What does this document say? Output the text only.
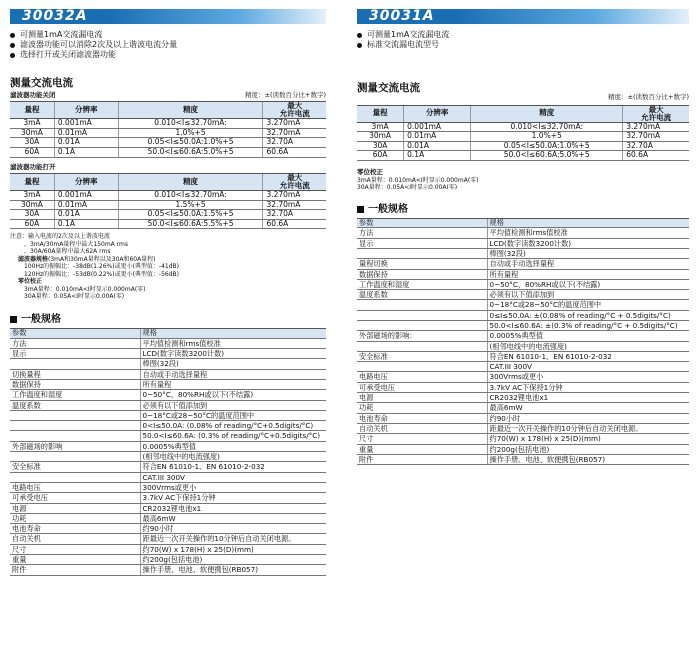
30032A
可测量1mA交流漏电流
滤波器功能可以消除2次及以上谐波电流分量
选择打开或关闭滤波器功能
测量交流电流
滤波器功能关闭	精度：±(读数百分比+数字)
量程	分辨率	精度	最大
允许电流
3mA	0.001mA	0.010<I≤32.70mA:	3.270mA
30mA	0.01mA	1.0%+5	32.70mA
30A	0.01A	0.05<I≤50.0A:1.0%+5	32.70A
60A	0.1A	50.0<I≤60.6A:5.0%+5	60.6A
滤波器功能打开
量程	分辨率	精度	最大
允许电流
3mA	0.001mA	0.010<I≤32.70mA:	3.270mA
30mA	0.01mA	1.5%+5	32.70mA
30A	0.01A	0.05<I≤50.0A:1.5%+5	32.70A
60A	0.1A	50.0<I≤60.6A:5.5%+5	60.6A
注意：输入电流的2次及以上谐波电流
，3mA/30mA量程中最大150mA rms
，30A/60A量程中最大62A rms
滤波器规格(3mA和30mA量程以及30A和60A量程)
100Hz的振幅比：-38dB(1.26%)或更小(典型值：-41dB)
120Hz的振幅比：-53dB(0.22%)或更小(典型值：-56dB)
零位校正
3mA量程：0.010mA<I时显示0.000mA(零)
30A量程：0.05A<I时显示0.00A(零)
一般规格
参数	规格
方法	平均值检测和rms值校准
显示	LCD(数字读数3200计数)
	棒图(32段)
切换量程	自动或手动选择量程
数据保持	所有量程
工作温度和湿度	0~50°C，80%RH或以下(不结露)
温度系数	必须有以下值添加到
	0~18°C或28~50°C的温度范围中
	0<I≤50.0A: (0.08% of reading/°C+0.5digits/°C)
	50.0<I≤60.6A: (0.3% of reading/°C+0.5digits/°C)
外部磁场的影响	0.0005%典型值
	(相邻电线中的电流强度)
安全标准	符合EN 61010-1、EN 61010-2-032
	CAT.III 300V
电路电压	300Vrms或更小
可承受电压	3.7kV AC下保持1分钟
电源	CR2032锂电池x1
功耗	最高6mW
电池寿命	约90小时
自动关机	距最近一次开关操作的10分钟后自动关闭电源。
尺寸	约70(W) x 178(H) x 25(D)(mm)
重量	约200g(包括电池)
附件	操作手册、电池、软便携包(RB057)
30031A
可测量1mA交流漏电流
标准交流漏电流型号
测量交流电流
精度：±(读数百分比+数字)
量程	分辨率	精度	最大
允许电流
3mA	0.001mA	0.010<I≤32.70mA:	3.270mA
30mA	0.01mA	1.0%+5	32.70mA
30A	0.01A	0.05<I≤50.0A:1.0%+5	32.70A
60A	0.1A	50.0<I≤60.6A:5.0%+5	60.6A
零位校正
3mA量程：0.010mA<I时显示0.000mA(零)
30A量程：0.05A<I时显示0.00A(零)
一般规格
参数	规格
方法	平均值检测和rms值校准
显示	LCD(数字读数3200计数)
	棒图(32段)
量程切换	自动或手动选择量程
数据保持	所有量程
工作温度和湿度	0~50°C，80%RH或以下(不结露)
温度系数	必须有以下值添加到
	0~18°C或28~50°C的温度范围中
	0≤I≤50.0A: ±(0.08% of reading/°C + 0.5digits/°C)
	50.0<I≤60.6A: ±(0.3% of reading/°C + 0.5digits/°C)
外部磁场的影响：	0.0005%典型值
	(相邻电线中的电流强度)
安全标准	符合EN 61010-1、EN 61010-2-032
	CAT.III 300V
电路电压	300Vrms或更小
可承受电压	3.7kV AC下保持1分钟
电源	CR2032锂电池x1
功耗	最高6mW
电池寿命	约90小时
自动关机	距最近一次开关操作的10分钟后自动关闭电源。
尺寸	约70(W) x 178(H) x 25(D)(mm)
重量	约200g(包括电池)
附件	操作手册、电池、软便携包(RB057)
